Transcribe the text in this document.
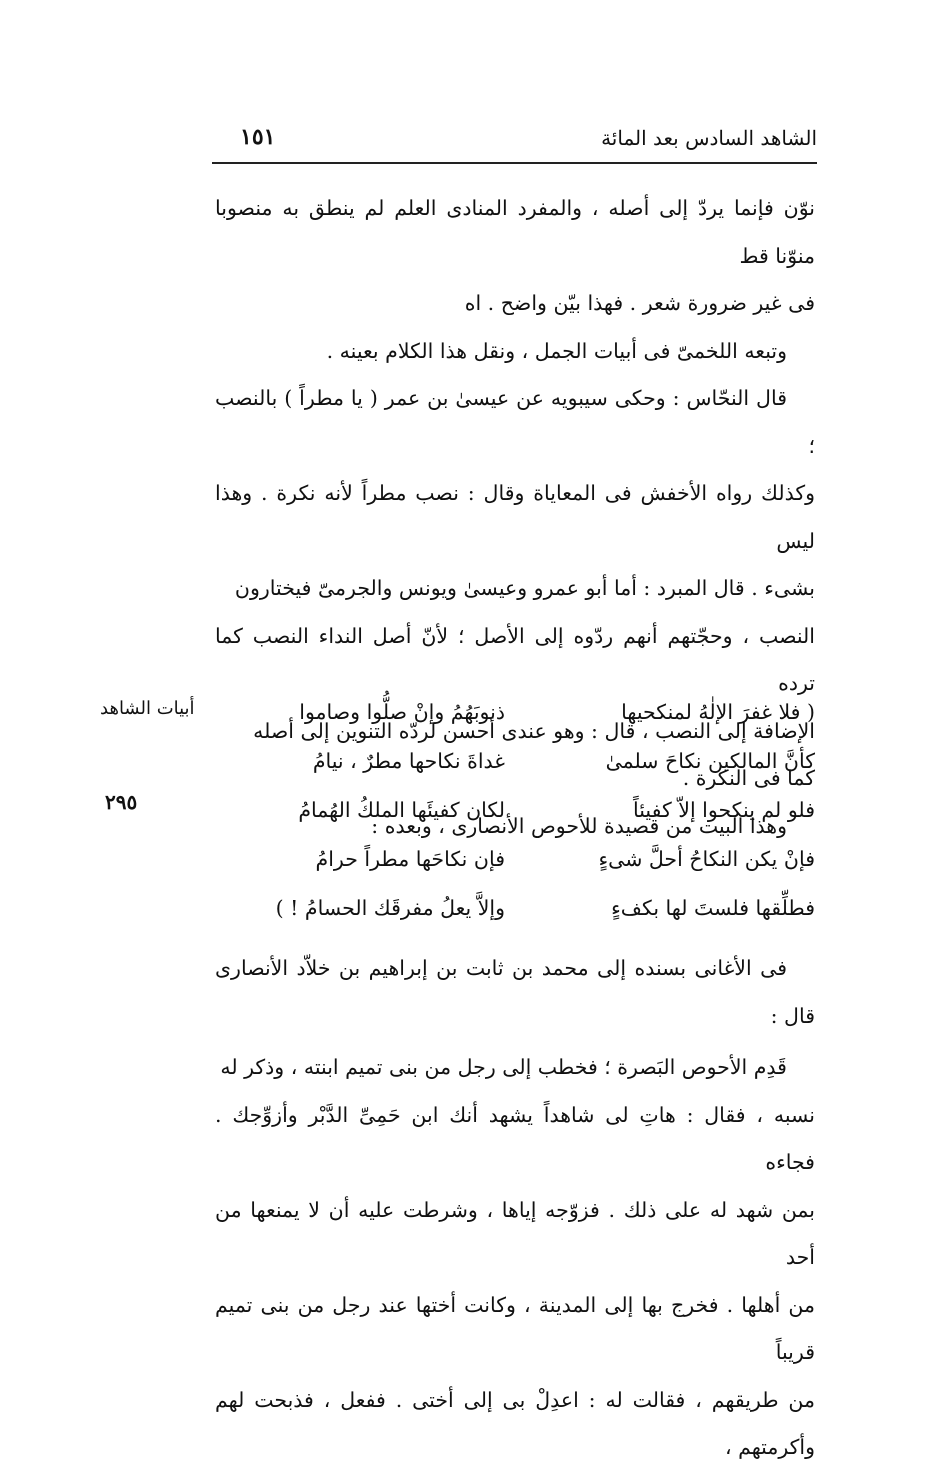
الشاهد السادس بعد المائة
١٥١

نوّن فإنما يردّ إلى أصله ، والمفرد المنادى العلم لم ينطق به منصوبا منوّنا قط

فى غير ضرورة شعر . فهذا بيّن واضح . اه

وتبعه اللخمىّ فى أبيات الجمل ، ونقل هذا الكلام بعينه .

قال النحّاس : وحكى سيبويه عن عيسىٰ بن عمر ( يا مطراً ) بالنصب ؛

وكذلك رواه الأخفش فى المعاياة وقال : نصب مطراً لأنه نكرة . وهذا ليس

بشىء . قال المبرد : أما أبو عمرو وعيسىٰ ويونس والجرمىّ فيختارون

النصب ، وحجّتهم أنهم ردّوه إلى الأصل ؛ لأنّ أصل النداء النصب كما ترده

الإضافة إلى النصب ، قال : وهو عندى أحسن لردّه التنوين إلى أصله

كما فى النكرة .

وهذا البيت من قصيدة للأحوص الأنصارى ، وبعده :

أبيات الشاهد
٢٩٥
( فلا غفرَ الإلٰهُ لمنكحيها
ذنوبَهُمُ وإنْ صلُّوا وصاموا
كأنَّ المالكين نكاحَ سلمىٰ
غداةَ نكاحها مطرٌ ، نيامُ
فلو لم ينكحوا إلاّ كفيئاً
لكان كفيئَها الملكُ الهُمامُ
فإنْ يكن النكاحُ أحلَّ شىءٍ
فإن نكاحَها مطراً حرامُ
فطلِّقها فلستَ لها بكفءٍ
وإلاَّ يعلُ مفرقَك الحسامُ ! )

فى الأغانى بسنده إلى محمد بن ثابت بن إبراهيم بن خلاّد الأنصارى قال :

قَدِم الأحوص البَصرة ؛ فخطب إلى رجل من بنى تميم ابنته ، وذكر له

نسبه ، فقال : هاتِ لى شاهداً يشهد أنك ابن حَمِىِّ الدَّبْر وأزوِّجك . فجاءه

بمن شهد له على ذلك . فزوّجه إياها ، وشرطت عليه أن لا يمنعها من أحد

من أهلها . فخرج بها إلى المدينة ، وكانت أختها عند رجل من بنى تميم قريباً

من طريقهم ، فقالت له : اعدِلْ بى إلى أختى . ففعل ، فذبحت لهم وأكرمتهم ،
